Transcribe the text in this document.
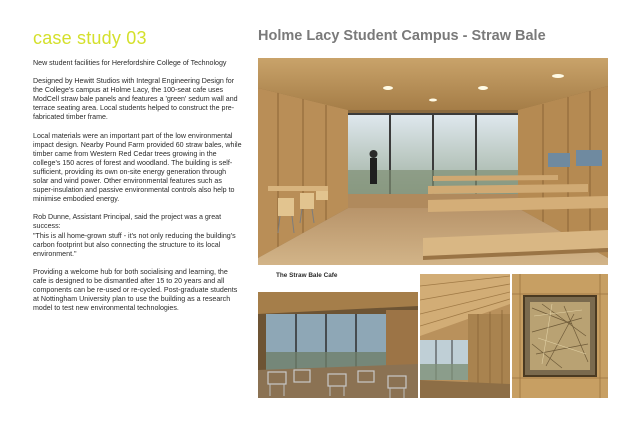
case study 03	Holme Lacy Student Campus - Straw Bale

New student facilities for Herefordshire College of Technology

Designed by Hewitt Studios with Integral Engineering Design for the College's campus at Holme Lacy, the 100-seat cafe uses ModCell straw bale panels and features a 'green' sedum wall and terrace seating area. Local students helped to construct the pre-fabricated timber frame.

Local materials were an important part of the low environmental impact design. Nearby Pound Farm provided 60 straw bales, while timber came from Western Red Cedar trees growing in the college's 150 acres of forest and woodland. The building is self-sufficient, providing its own on-site energy generation through solar and wind power. Other environmental features such as super-insulation and passive environmental controls also help to minimise embodied energy.

Rob Dunne, Assistant Principal, said the project was a great success:

"This is all home-grown stuff - it's not only reducing the building's carbon footprint but also connecting the structure to its local environment."

Providing a welcome hub for both socialising and learning, the cafe is designed to be dismantled after 15 to 20 years and all components can be re-used or re-cycled. Post-graduate students at Nottingham University plan to use the building as a research model to test new environmental technologies.

The Straw Bale Cafe
